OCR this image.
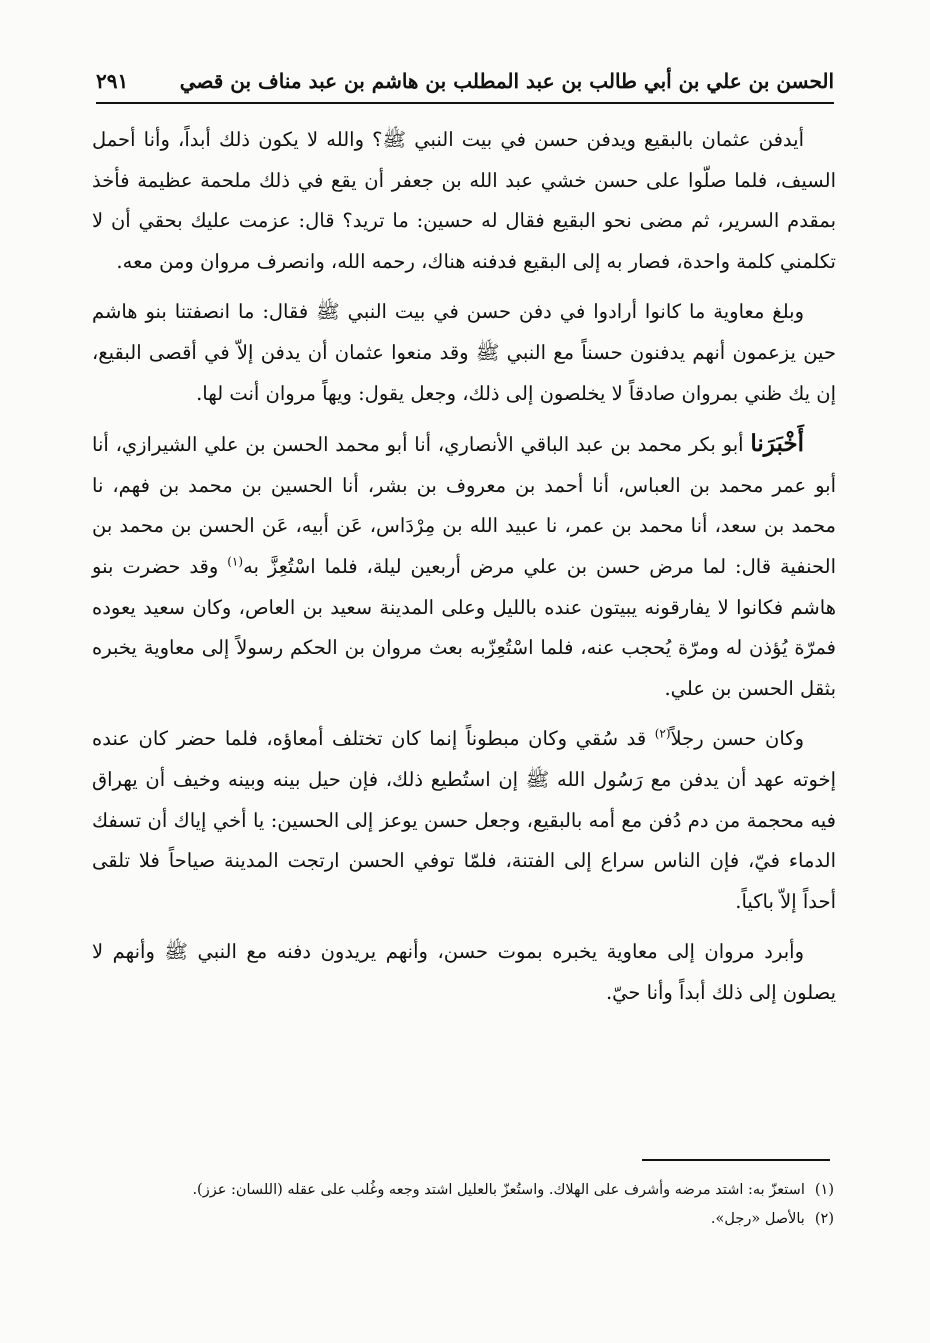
الحسن بن علي بن أبي طالب بن عبد المطلب بن هاشم بن عبد مناف بن قصي
٢٩١

أيدفن عثمان بالبقيع ويدفن حسن في بيت النبي ﷺ؟ والله لا يكون ذلك أبداً، وأنا أحمل السيف، فلما صلّوا على حسن خشي عبد الله بن جعفر أن يقع في ذلك ملحمة عظيمة فأخذ بمقدم السرير، ثم مضى نحو البقيع فقال له حسين: ما تريد؟ قال: عزمت عليك بحقي أن لا تكلمني كلمة واحدة، فصار به إلى البقيع فدفنه هناك، رحمه الله، وانصرف مروان ومن معه.

وبلغ معاوية ما كانوا أرادوا في دفن حسن في بيت النبي ﷺ فقال: ما انصفتنا بنو هاشم حين يزعمون أنهم يدفنون حسناً مع النبي ﷺ وقد منعوا عثمان أن يدفن إلاّ في أقصى البقيع، إن يك ظني بمروان صادقاً لا يخلصون إلى ذلك، وجعل يقول: ويهاً مروان أنت لها.

أَخْبَرَنا أبو بكر محمد بن عبد الباقي الأنصاري، أنا أبو محمد الحسن بن علي الشيرازي، أنا أبو عمر محمد بن العباس، أنا أحمد بن معروف بن بشر، أنا الحسين بن محمد بن فهم، نا محمد بن سعد، أنا محمد بن عمر، نا عبيد الله بن مِرْدَاس، عَن أبيه، عَن الحسن بن محمد بن الحنفية قال: لما مرض حسن بن علي مرض أربعين ليلة، فلما اسْتُعِزَّ به$^{(١)}$ وقد حضرت بنو هاشم فكانوا لا يفارقونه يبيتون عنده بالليل وعلى المدينة سعيد بن العاص، وكان سعيد يعوده فمرّة يُؤذن له ومرّة يُحجب عنه، فلما اسْتُعِزّبه بعث مروان بن الحكم رسولاً إلى معاوية يخبره بثقل الحسن بن علي.

وكان حسن رجلاً$^{(٢)}$ قد سُقي وكان مبطوناً إنما كان تختلف أمعاؤه، فلما حضر كان عنده إخوته عهد أن يدفن مع رَسُول الله ﷺ إن استُطيع ذلك، فإن حيل بينه وبينه وخيف أن يهراق فيه محجمة من دم دُفن مع أمه بالبقيع، وجعل حسن يوعز إلى الحسين: يا أخي إياك أن تسفك الدماء فيّ، فإن الناس سراع إلى الفتنة، فلمّا توفي الحسن ارتجت المدينة صياحاً فلا تلقى أحداً إلاّ باكياً.

وأبرد مروان إلى معاوية يخبره بموت حسن، وأنهم يريدون دفنه مع النبي ﷺ وأنهم لا يصلون إلى ذلك أبداً وأنا حيّ.

(١)استعزّ به: اشتد مرضه وأشرف على الهلاك. واستُعزّ بالعليل اشتد وجعه وغُلب على عقله (اللسان: عزز).

(٢)بالأصل «رجل».
